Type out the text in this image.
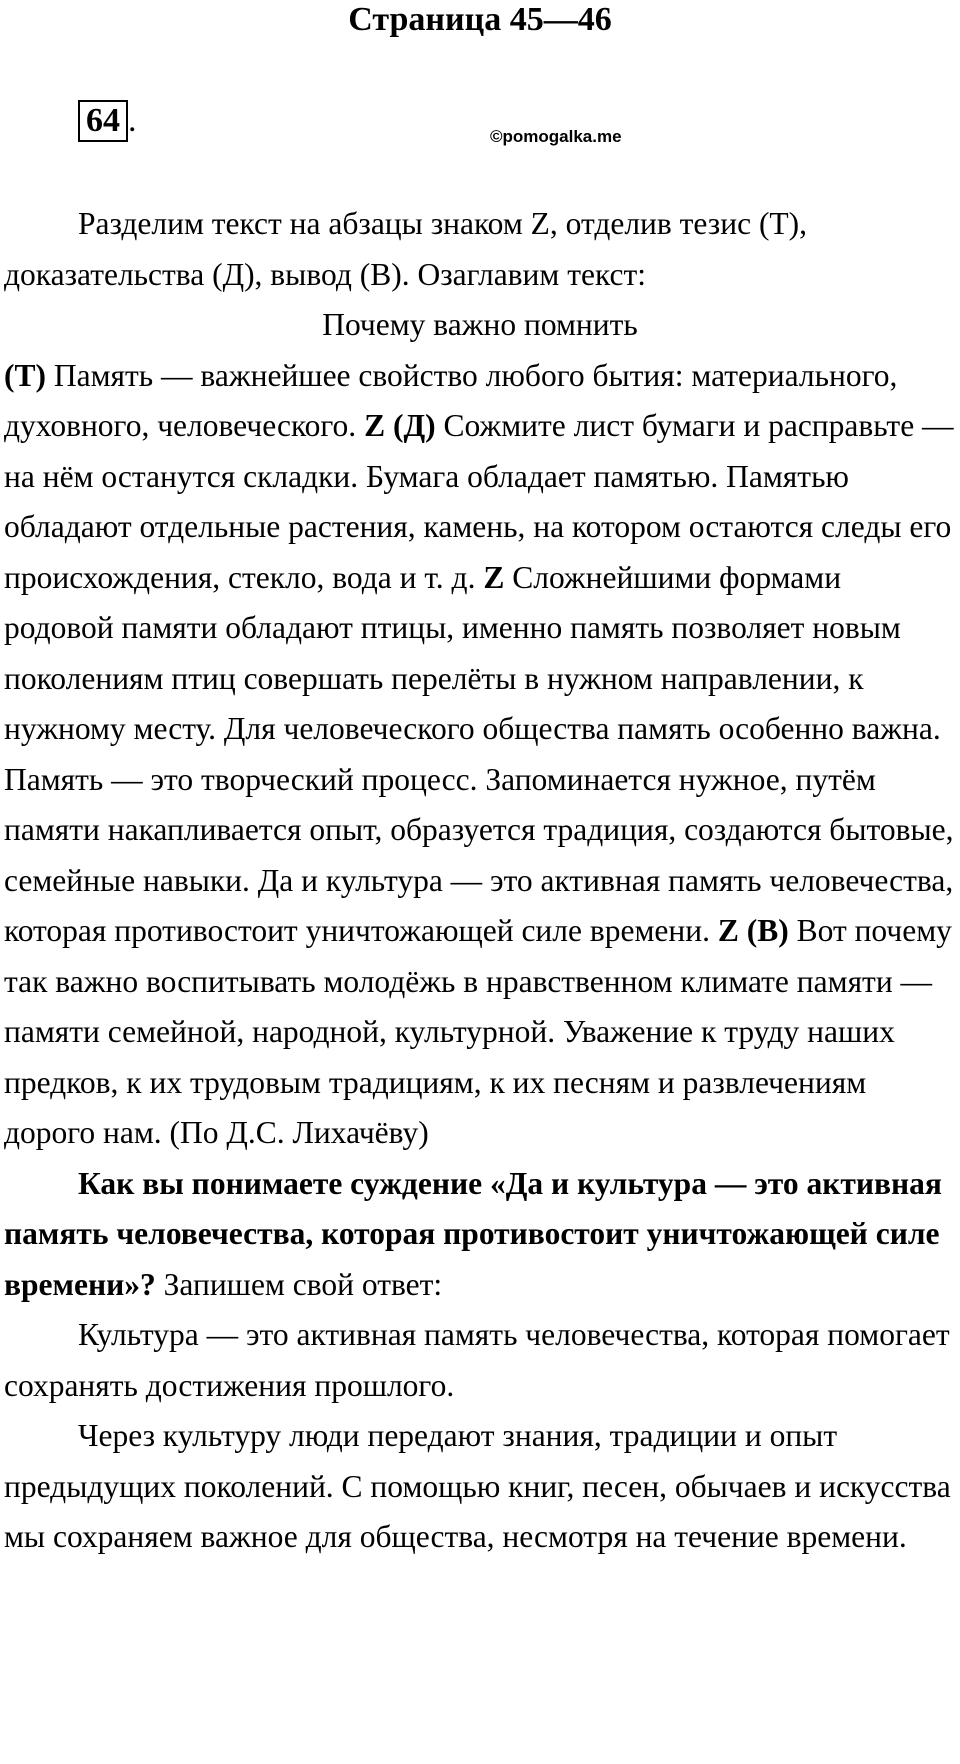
Страница 45—46
64 .	©pomogalka.me

Разделим текст на абзацы знаком Z, отделив тезис (Т), доказательства (Д), вывод (В). Озаглавим текст:

Почему важно помнить

(Т) Память — важнейшее свойство любого бытия: материального, духовного, человеческого. Z (Д) Сожмите лист бумаги и расправьте — на нём останутся складки. Бумага обладает памятью. Памятью обладают отдельные растения, камень, на котором остаются следы его происхождения, стекло, вода и т. д. Z Сложнейшими формами родовой памяти обладают птицы, именно память позволяет новым поколениям птиц совершать перелёты в нужном направлении, к нужному месту. Для человеческого общества память особенно важна. Память — это творческий процесс. Запоминается нужное, путём памяти накапливается опыт, образуется традиция, создаются бытовые, семейные навыки. Да и культура — это активная память человечества, которая противостоит уничтожающей силе времени. Z (В) Вот почему так важно воспитывать молодёжь в нравственном климате памяти — памяти семейной, народной, культурной. Уважение к труду наших предков, к их трудовым традициям, к их песням и развлечениям дорого нам. (По Д.С. Лихачёву)

Как вы понимаете суждение «Да и культура — это активная память человечества, которая противостоит уничтожающей силе времени»? Запишем свой ответ:

Культура — это активная память человечества, которая помогает сохранять достижения прошлого.

Через культуру люди передают знания, традиции и опыт предыдущих поколений. С помощью книг, песен, обычаев и искусства мы сохраняем важное для общества, несмотря на течение времени.
